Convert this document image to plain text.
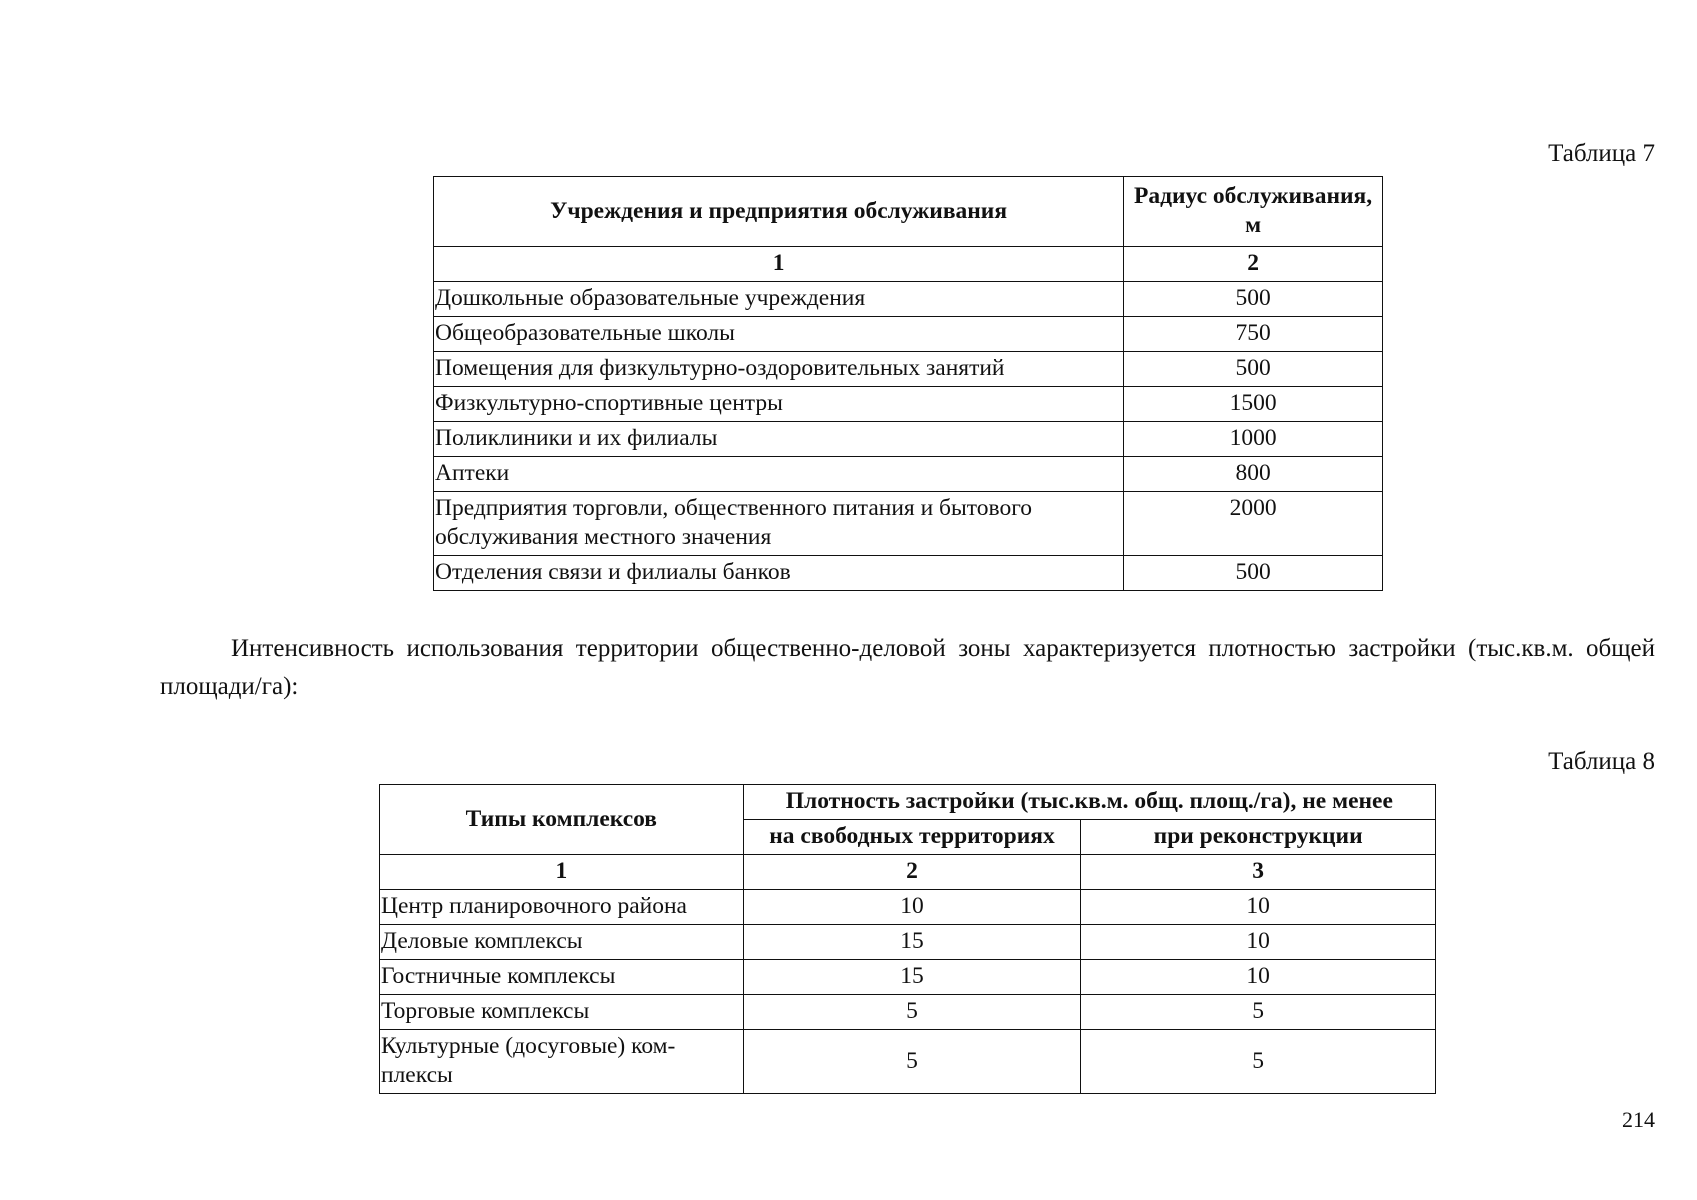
Таблица 7
Учреждения и предприятия обслуживания	Радиус обслуживания, м
1	2
Дошкольные образовательные учреждения	500
Общеобразовательные школы	750
Помещения для физкультурно-оздоровительных занятий	500
Физкультурно-спортивные центры	1500
Поликлиники и их филиалы	1000
Аптеки	800
Предприятия торговли, общественного питания и бытового обслуживания местного значения	2000
Отделения связи и филиалы банков	500
Интенсивность использования территории общественно-деловой зоны характеризуется плотностью застройки (тыс.кв.м. общей площади/га):
Таблица 8
Типы комплексов	Плотность застройки (тыс.кв.м. общ. площ./га), не менее	
	на свободных территориях	при реконструкции
1	2	3
Центр планировочного района	10	10
Деловые комплексы	15	10
Гостничные комплексы	15	10
Торговые комплексы	5	5
Культурные (досуговые) ком-плексы	5	5
214
